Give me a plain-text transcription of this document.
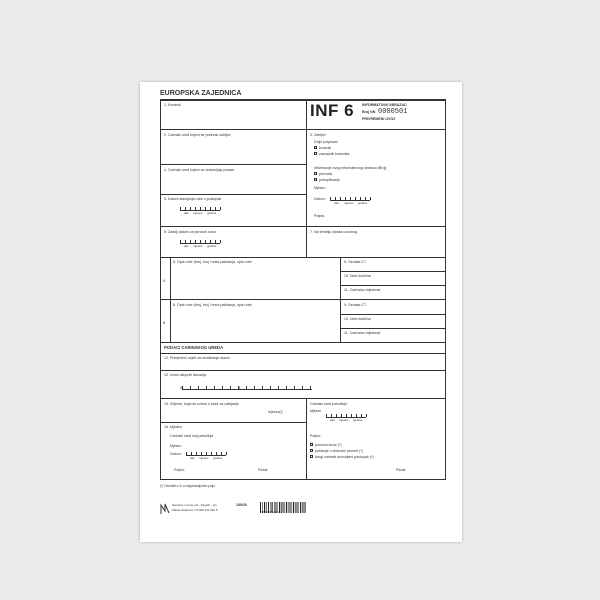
EUROPSKA ZAJEDNICA
INF 6 INFORMATIVNI OBRAZAC
Broj NN 0000501
PRIVREMENI UVOZ
1. Korisnik
2. Carinski ured kojem se podnosi zahtjev	3. Zahtjev
Dolje potpisani
korisnik
zastupnik korisnika
Informacije ovog informativnog obrasca (Broj)
prevoda
preispitivanje
Mjesto:
Datum:
dan mjesec godina
Potpis:
4. Carinski ured kojem se dostavljaju podaci
5. Datum stavljanja robe u postupak
dan mjesec godina
6. Zadnji datum za ponovni izvoz
dan mjesec godina
7. Na temelju članka uvoznog
A
8. Opis robe (broj, broj i vrsta pakiranja, opis robe	9. Oznaka CT
10. Neto količina
11. Carinska vrijednost
B
8. Opis robe (broj, broj i vrsta pakiranja, opis robe	9. Oznaka CT
10. Neto količina
11. Carinska vrijednost
PODACI CARINSKOG UREDA
12. Primjećeni uvjeti za utvrđivanje stavki
13. Iznos ukupnih davanja
A	B
14. Vrijeme, kojei se uzima u obzir za odbijanje
mjesec(i)
Carinski ured potvrđuje
Mjesto:
dan mjesec godina
16. Mjedeu
Carinski ured koji potvrđuje
Mjesto:
Datum:
dan mjesec godina
Potpis:	Pečat:
Potpis:
ponovni izvoz (*)
puštanje u slobodni promet (*)
drugi carinski dozvoljeni postupak (*)
Pečat:
(*) Označiti s ☒ u odgovarajućem polju
Narodne novine d.d., Zagreb - (1)
Zbirka tiskanica: UT-ER-131 INF 6
130026
3 800157 108214
